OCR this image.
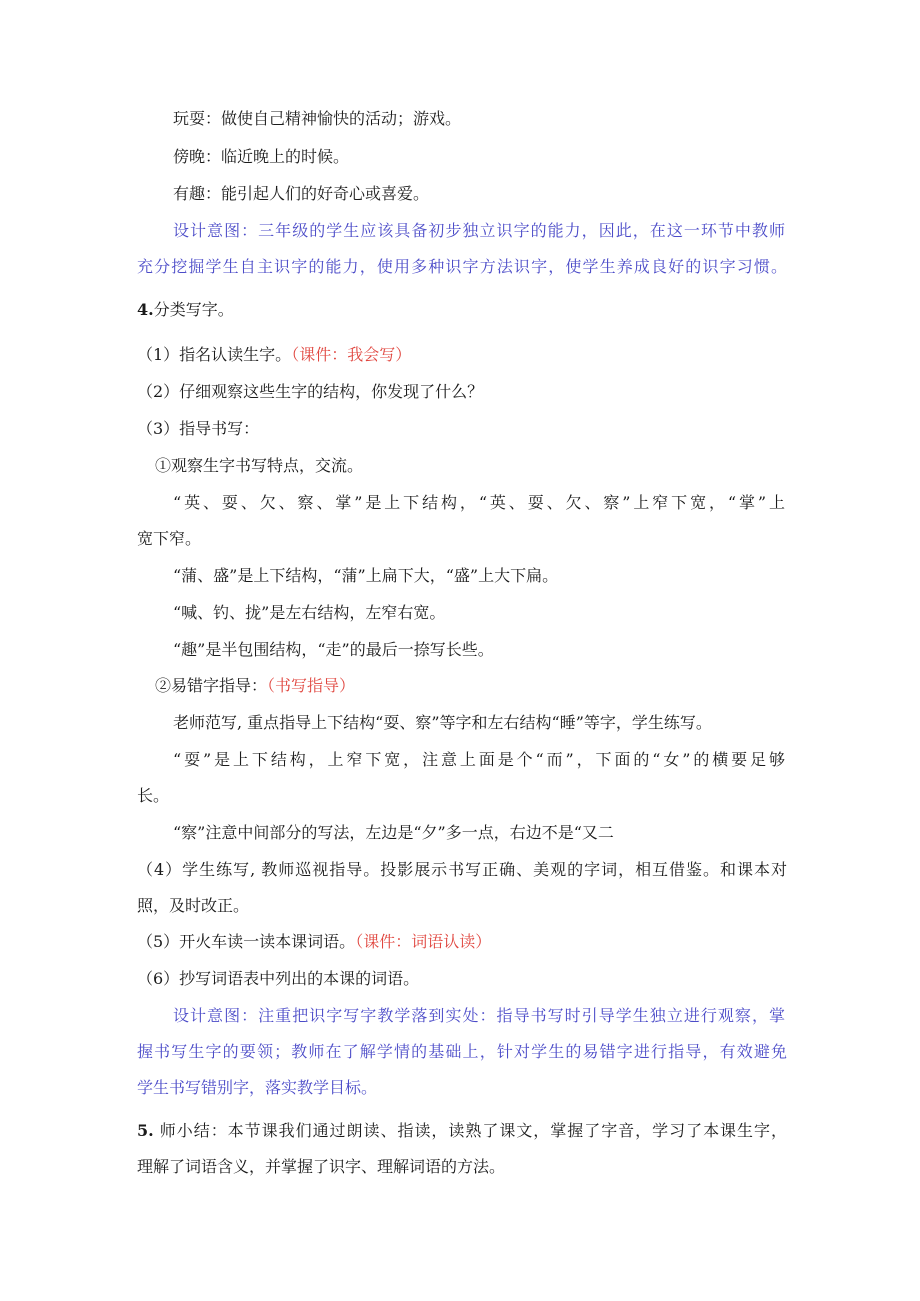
玩耍：做使自己精神愉快的活动；游戏。
傍晚：临近晚上的时候。
有趣：能引起人们的好奇心或喜爱。
设计意图：三年级的学生应该具备初步独立识字的能力，因此，在这一环节中教师
充分挖掘学生自主识字的能力，使用多种识字方法识字，使学生养成良好的识字习惯。
4.分类写字。
（1）指名认读生字。（课件：我会写）
（2）仔细观察这些生字的结构，你发现了什么？
（3）指导书写：
①观察生字书写特点，交流。
“英、耍、欠、察、掌”是上下结构，“英、耍、欠、察”上窄下宽，“掌”上
宽下窄。
“蒲、盛”是上下结构，“蒲”上扁下大，“盛”上大下扁。
“喊、钓、拢”是左右结构，左窄右宽。
“趣”是半包围结构，“走”的最后一捺写长些。
②易错字指导：（书写指导）
老师范写, 重点指导上下结构“耍、察”等字和左右结构“睡”等字，学生练写。
“耍”是上下结构，上窄下宽，注意上面是个“而”，下面的“女”的横要足够
长。
“察”注意中间部分的写法，左边是“夕”多一点，右边不是“又二
（4）学生练写, 教师巡视指导。投影展示书写正确、美观的字词，相互借鉴。和课本对
照，及时改正。
（5）开火车读一读本课词语。（课件：词语认读）
（6）抄写词语表中列出的本课的词语。
设计意图：注重把识字写字教学落到实处：指导书写时引导学生独立进行观察，掌
握书写生字的要领；教师在了解学情的基础上，针对学生的易错字进行指导，有效避免
学生书写错别字，落实教学目标。
5. 师小结：本节课我们通过朗读、指读，读熟了课文，掌握了字音，学习了本课生字，
理解了词语含义，并掌握了识字、理解词语的方法。
